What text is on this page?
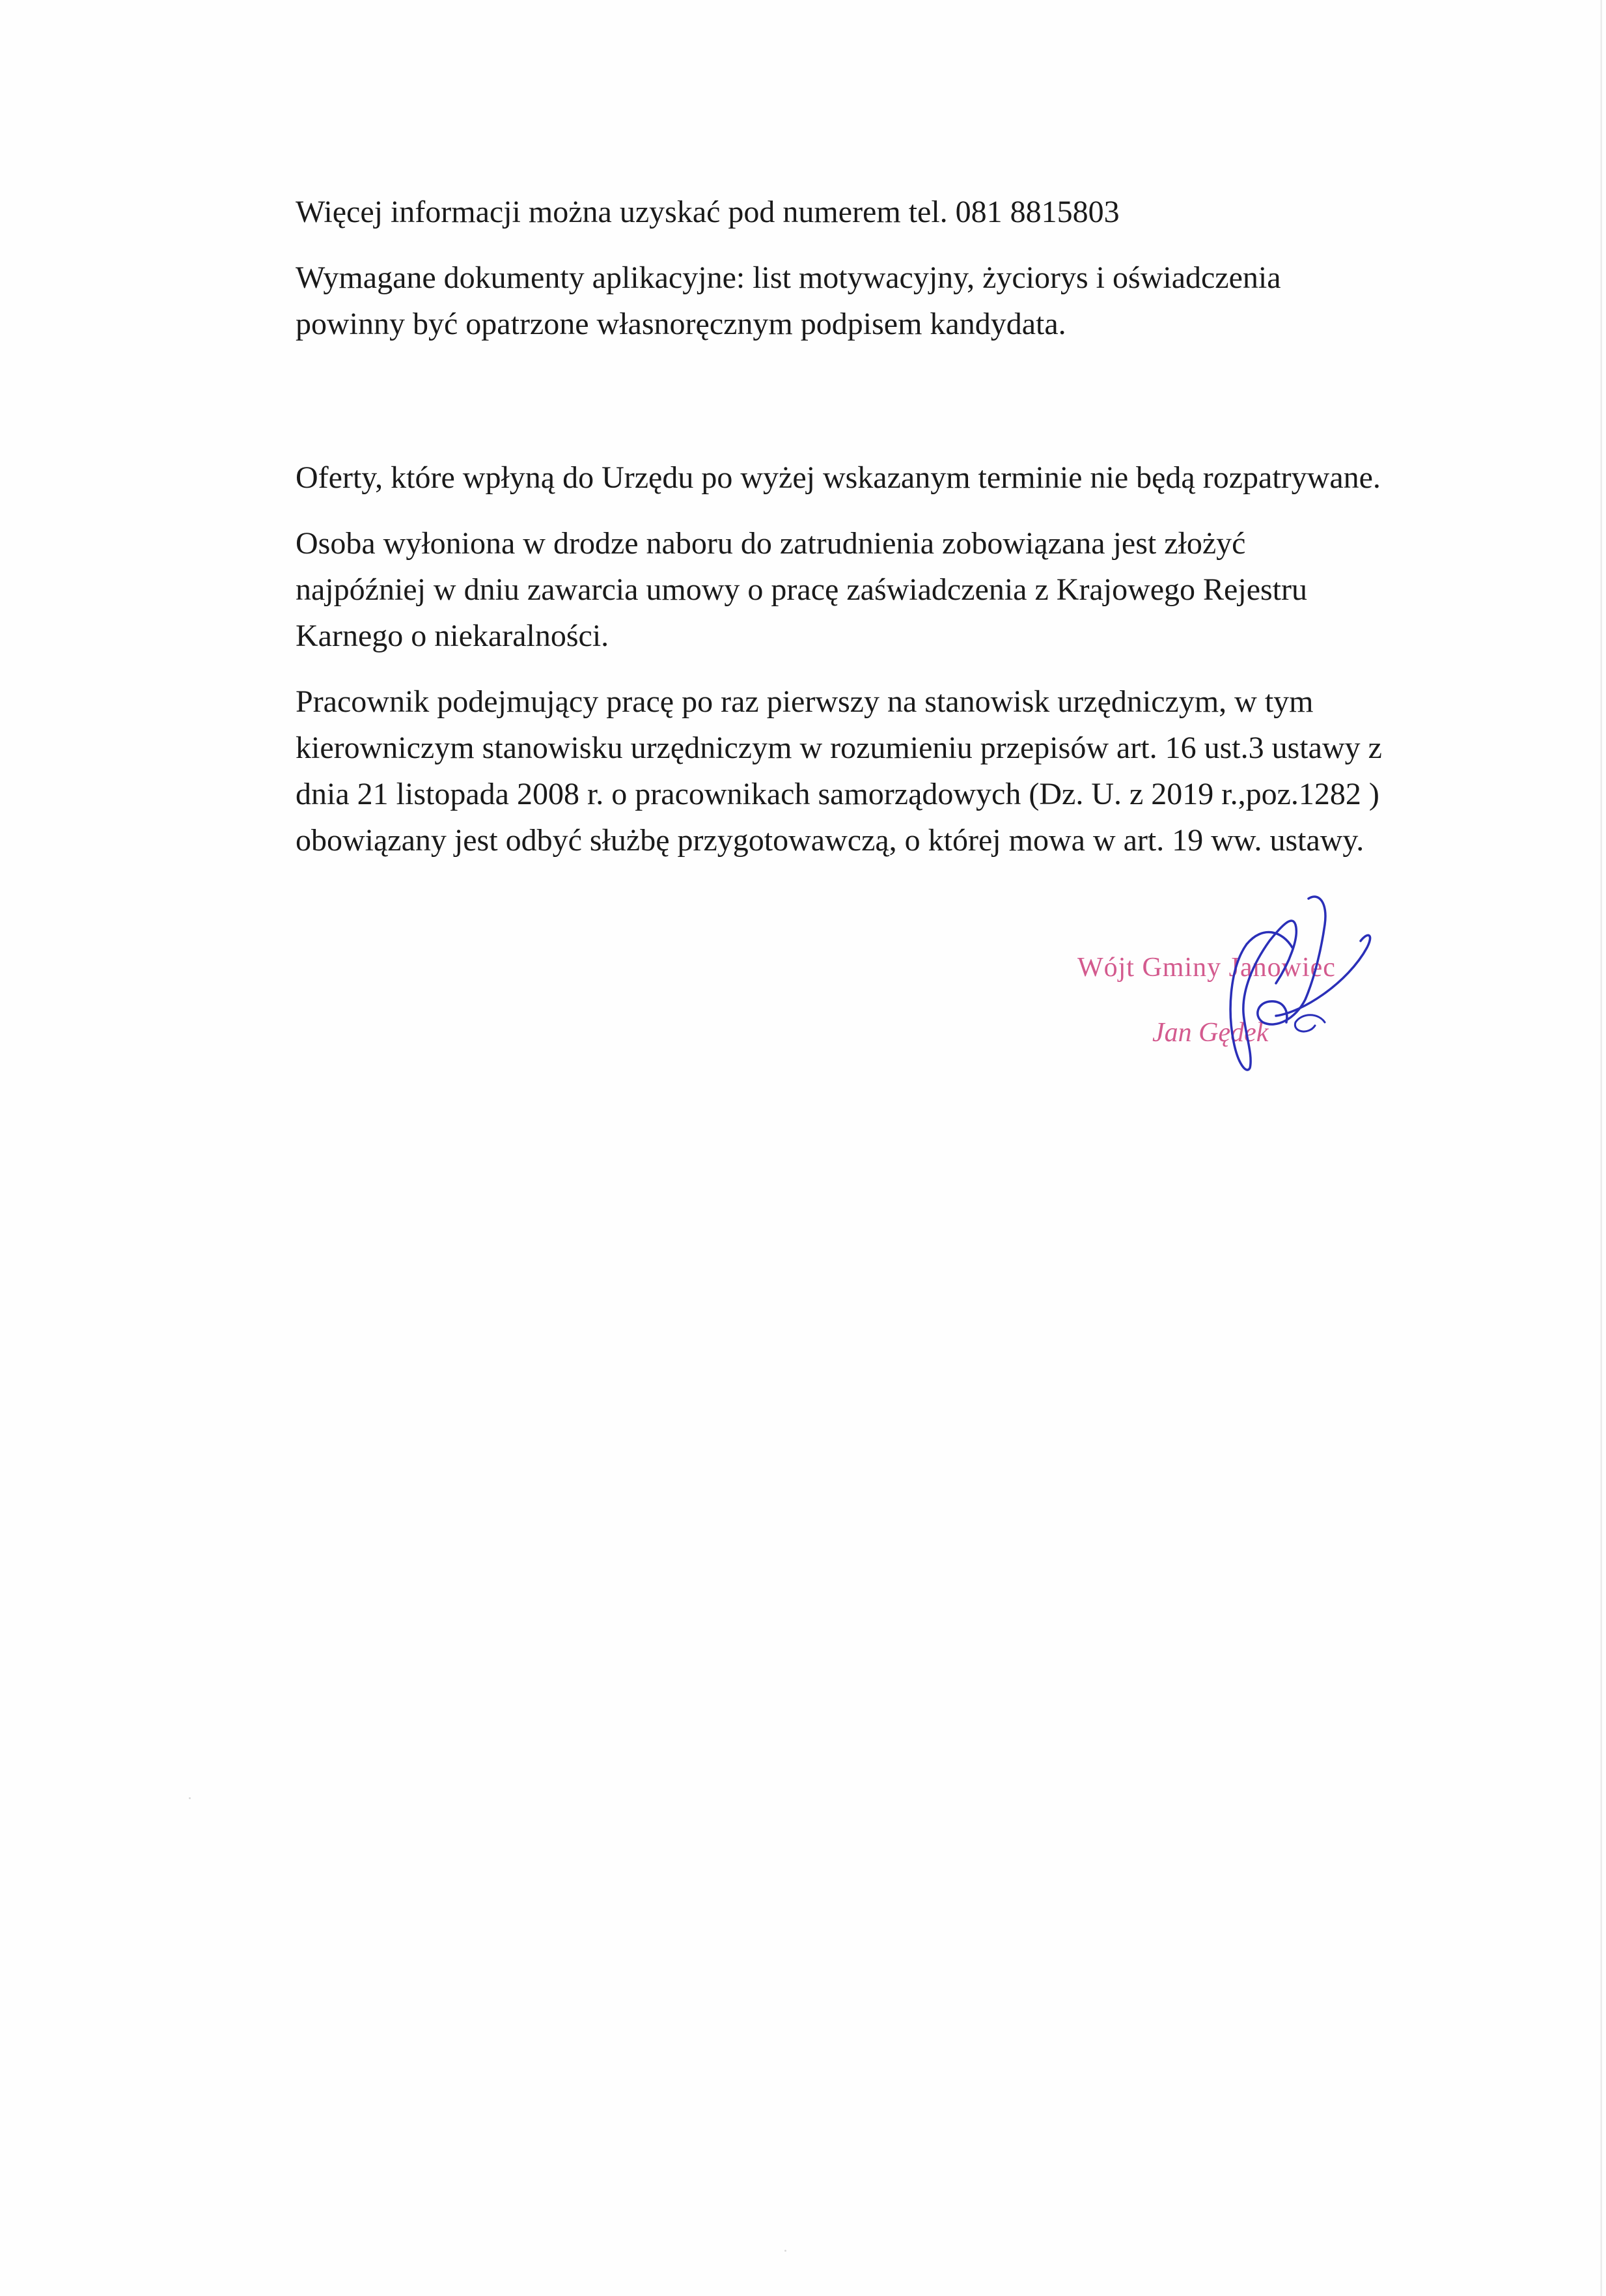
Więcej informacji można uzyskać pod numerem tel. 081 8815803

Wymagane dokumenty aplikacyjne: list motywacyjny, życiorys i oświadczenia
powinny być opatrzone własnoręcznym podpisem kandydata.

Oferty, które wpłyną do Urzędu po wyżej wskazanym terminie nie będą rozpatrywane.

Osoba wyłoniona w drodze naboru do zatrudnienia zobowiązana jest złożyć
najpóźniej w dniu zawarcia umowy o pracę zaświadczenia z Krajowego Rejestru
Karnego o niekaralności.

Pracownik podejmujący pracę po raz pierwszy na stanowisk urzędniczym, w tym
kierowniczym stanowisku urzędniczym w rozumieniu przepisów art. 16 ust.3 ustawy z
dnia 21 listopada 2008 r. o pracownikach samorządowych (Dz. U. z 2019 r.,poz.1282 )
obowiązany jest odbyć służbę przygotowawczą, o której mowa w art. 19 ww. ustawy.

Wójt Gminy Janowiec
Jan Gędek
